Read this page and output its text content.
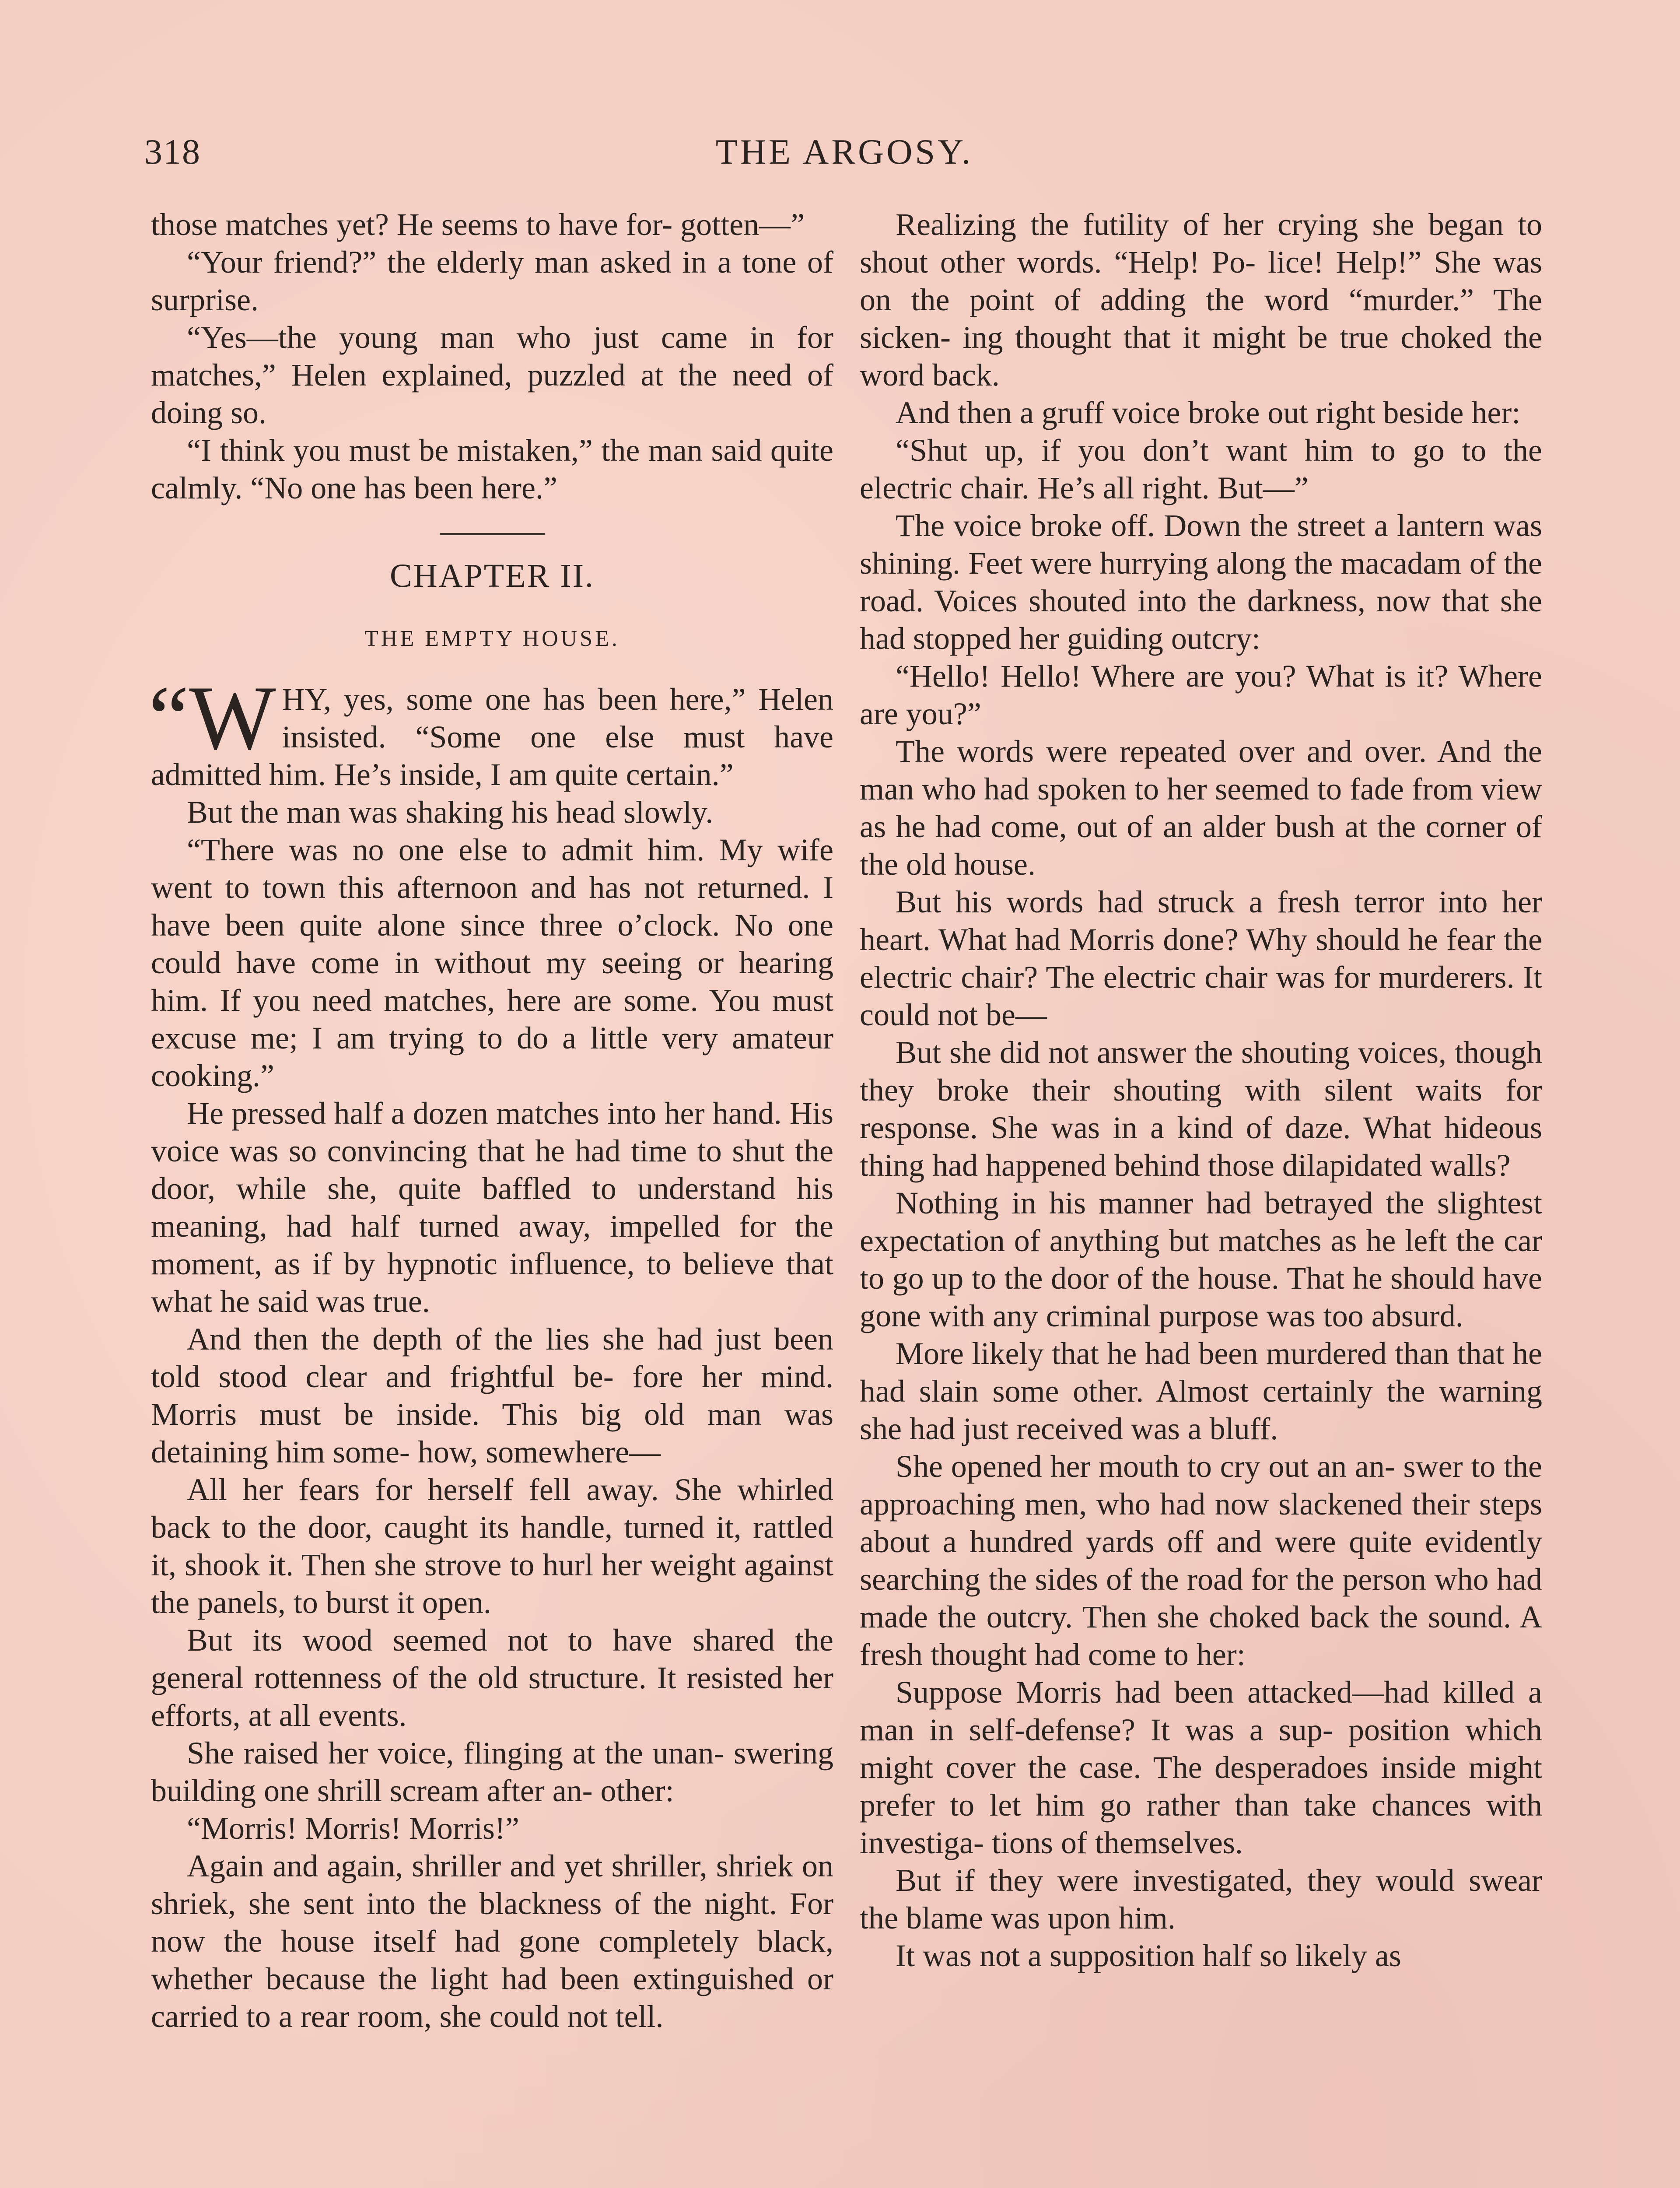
318	THE ARGOSY.

those matches yet? He seems to have for- gotten—”

“Your friend?” the elderly man asked in a tone of surprise.

“Yes—the young man who just came in for matches,” Helen explained, puzzled at the need of doing so.

“I think you must be mistaken,” the man said quite calmly. “No one has been here.”

CHAPTER II.
THE EMPTY HOUSE.

“W HY, yes, some one has been here,” Helen insisted. “Some one else must have admitted him. He’s inside, I am quite certain.”

But the man was shaking his head slowly.

“There was no one else to admit him. My wife went to town this afternoon and has not returned. I have been quite alone since three o’clock. No one could have come in without my seeing or hearing him. If you need matches, here are some. You must excuse me; I am trying to do a little very amateur cooking.”

He pressed half a dozen matches into her hand. His voice was so convincing that he had time to shut the door, while she, quite baffled to understand his meaning, had half turned away, impelled for the moment, as if by hypnotic influence, to believe that what he said was true.

And then the depth of the lies she had just been told stood clear and frightful be- fore her mind. Morris must be inside. This big old man was detaining him some- how, somewhere—

All her fears for herself fell away. She whirled back to the door, caught its handle, turned it, rattled it, shook it. Then she strove to hurl her weight against the panels, to burst it open.

But its wood seemed not to have shared the general rottenness of the old structure. It resisted her efforts, at all events.

She raised her voice, flinging at the unan- swering building one shrill scream after an- other:

“Morris! Morris! Morris!”

Again and again, shriller and yet shriller, shriek on shriek, she sent into the blackness of the night. For now the house itself had gone completely black, whether because the light had been extinguished or carried to a rear room, she could not tell.

Realizing the futility of her crying she began to shout other words. “Help! Po- lice! Help!” She was on the point of adding the word “murder.” The sicken- ing thought that it might be true choked the word back.

And then a gruff voice broke out right beside her:

“Shut up, if you don’t want him to go to the electric chair. He’s all right. But—”

The voice broke off. Down the street a lantern was shining. Feet were hurrying along the macadam of the road. Voices shouted into the darkness, now that she had stopped her guiding outcry:

“Hello! Hello! Where are you? What is it? Where are you?”

The words were repeated over and over. And the man who had spoken to her seemed to fade from view as he had come, out of an alder bush at the corner of the old house.

But his words had struck a fresh terror into her heart. What had Morris done? Why should he fear the electric chair? The electric chair was for murderers. It could not be—

But she did not answer the shouting voices, though they broke their shouting with silent waits for response. She was in a kind of daze. What hideous thing had happened behind those dilapidated walls?

Nothing in his manner had betrayed the slightest expectation of anything but matches as he left the car to go up to the door of the house. That he should have gone with any criminal purpose was too absurd.

More likely that he had been murdered than that he had slain some other. Almost certainly the warning she had just received was a bluff.

She opened her mouth to cry out an an- swer to the approaching men, who had now slackened their steps about a hundred yards off and were quite evidently searching the sides of the road for the person who had made the outcry. Then she choked back the sound. A fresh thought had come to her:

Suppose Morris had been attacked—had killed a man in self-defense? It was a sup- position which might cover the case. The desperadoes inside might prefer to let him go rather than take chances with investiga- tions of themselves.

But if they were investigated, they would swear the blame was upon him.

It was not a supposition half so likely as
